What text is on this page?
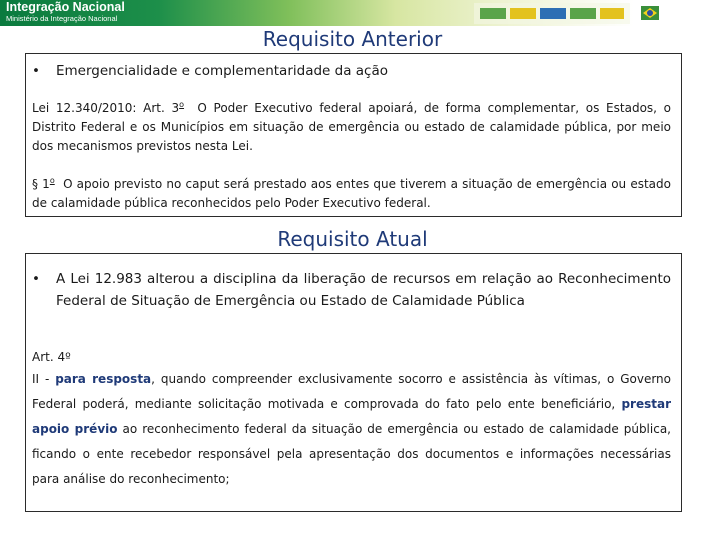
Integração Nacional
Ministério da Integração Nacional
Requisito Anterior
• Emergencialidade e complementaridade da ação
Lei 12.340/2010: Art. 3$^o$ O Poder Executivo federal apoiará, de forma complementar, os Estados, o Distrito Federal e os Municípios em situação de emergência ou estado de calamidade pública, por meio dos mecanismos previstos nesta Lei.
§ 1$^o$ O apoio previsto no caput será prestado aos entes que tiverem a situação de emergência ou estado de calamidade pública reconhecidos pelo Poder Executivo federal.
Requisito Atual
• A Lei 12.983 alterou a disciplina da liberação de recursos em relação ao Reconhecimento Federal de Situação de Emergência ou Estado de Calamidade Pública
Art. 4º
II - para resposta, quando compreender exclusivamente socorro e assistência às vítimas, o Governo Federal poderá, mediante solicitação motivada e comprovada do fato pelo ente beneficiário, prestar apoio prévio ao reconhecimento federal da situação de emergência ou estado de calamidade pública, ficando o ente recebedor responsável pela apresentação dos documentos e informações necessárias para análise do reconhecimento;
